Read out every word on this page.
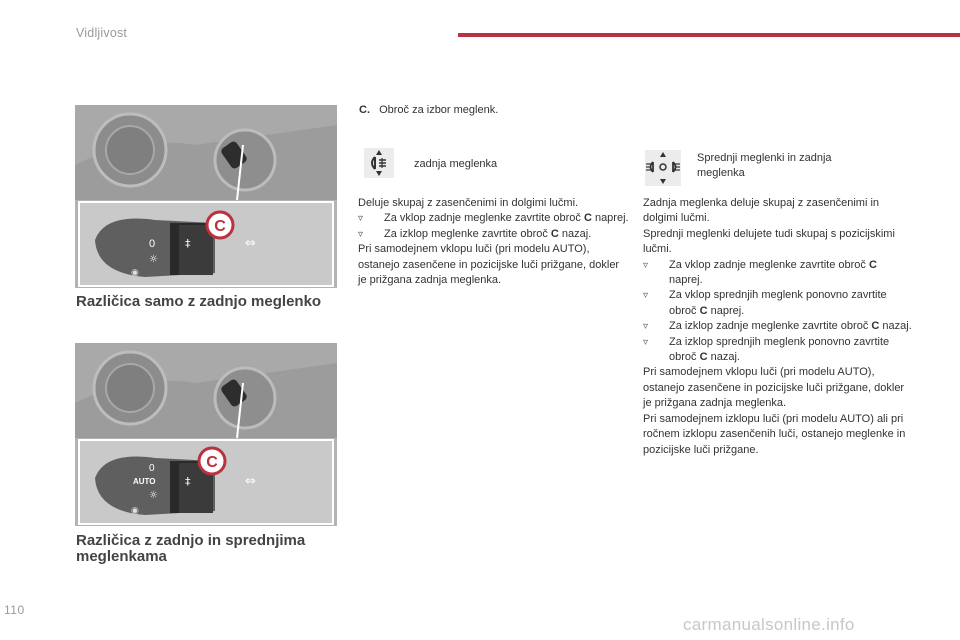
Vidljivost
0
☼
‡
◉
⇔
C
Različica samo z zadnjo meglenko
0
AUTO
☼
‡
◉
⇔
C
Različica z zadnjo in sprednjima meglenkama
C. Obroč za izbor meglenk.
zadnja meglenka

Deluje skupaj z zasenčenimi in dolgimi lučmi.

▿ Za vklop zadnje meglenke zavrtite obroč C naprej.

▿ Za izklop meglenke zavrtite obroč C nazaj.

Pri samodejnem vklopu luči (pri modelu AUTO), ostanejo zasenčene in pozicijske luči prižgane, dokler je prižgana zadnja meglenka.

Sprednji meglenki in zadnja meglenka

Zadnja meglenka deluje skupaj z zasenčenimi in dolgimi lučmi.

Sprednji meglenki delujete tudi skupaj s pozicijskimi lučmi.

▿ Za vklop zadnje meglenke zavrtite obroč C naprej.

▿ Za vklop sprednjih meglenk ponovno zavrtite obroč C naprej.

▿ Za izklop zadnje meglenke zavrtite obroč C nazaj.

▿ Za izklop sprednjih meglenk ponovno zavrtite obroč C nazaj.

Pri samodejnem vklopu luči (pri modelu AUTO), ostanejo zasenčene in pozicijske luči prižgane, dokler je prižgana zadnja meglenka.

Pri samodejnem izklopu luči (pri modelu AUTO) ali pri ročnem izklopu zasenčenih luči, ostanejo meglenke in pozicijske luči prižgane.

110
carmanualsonline.info
